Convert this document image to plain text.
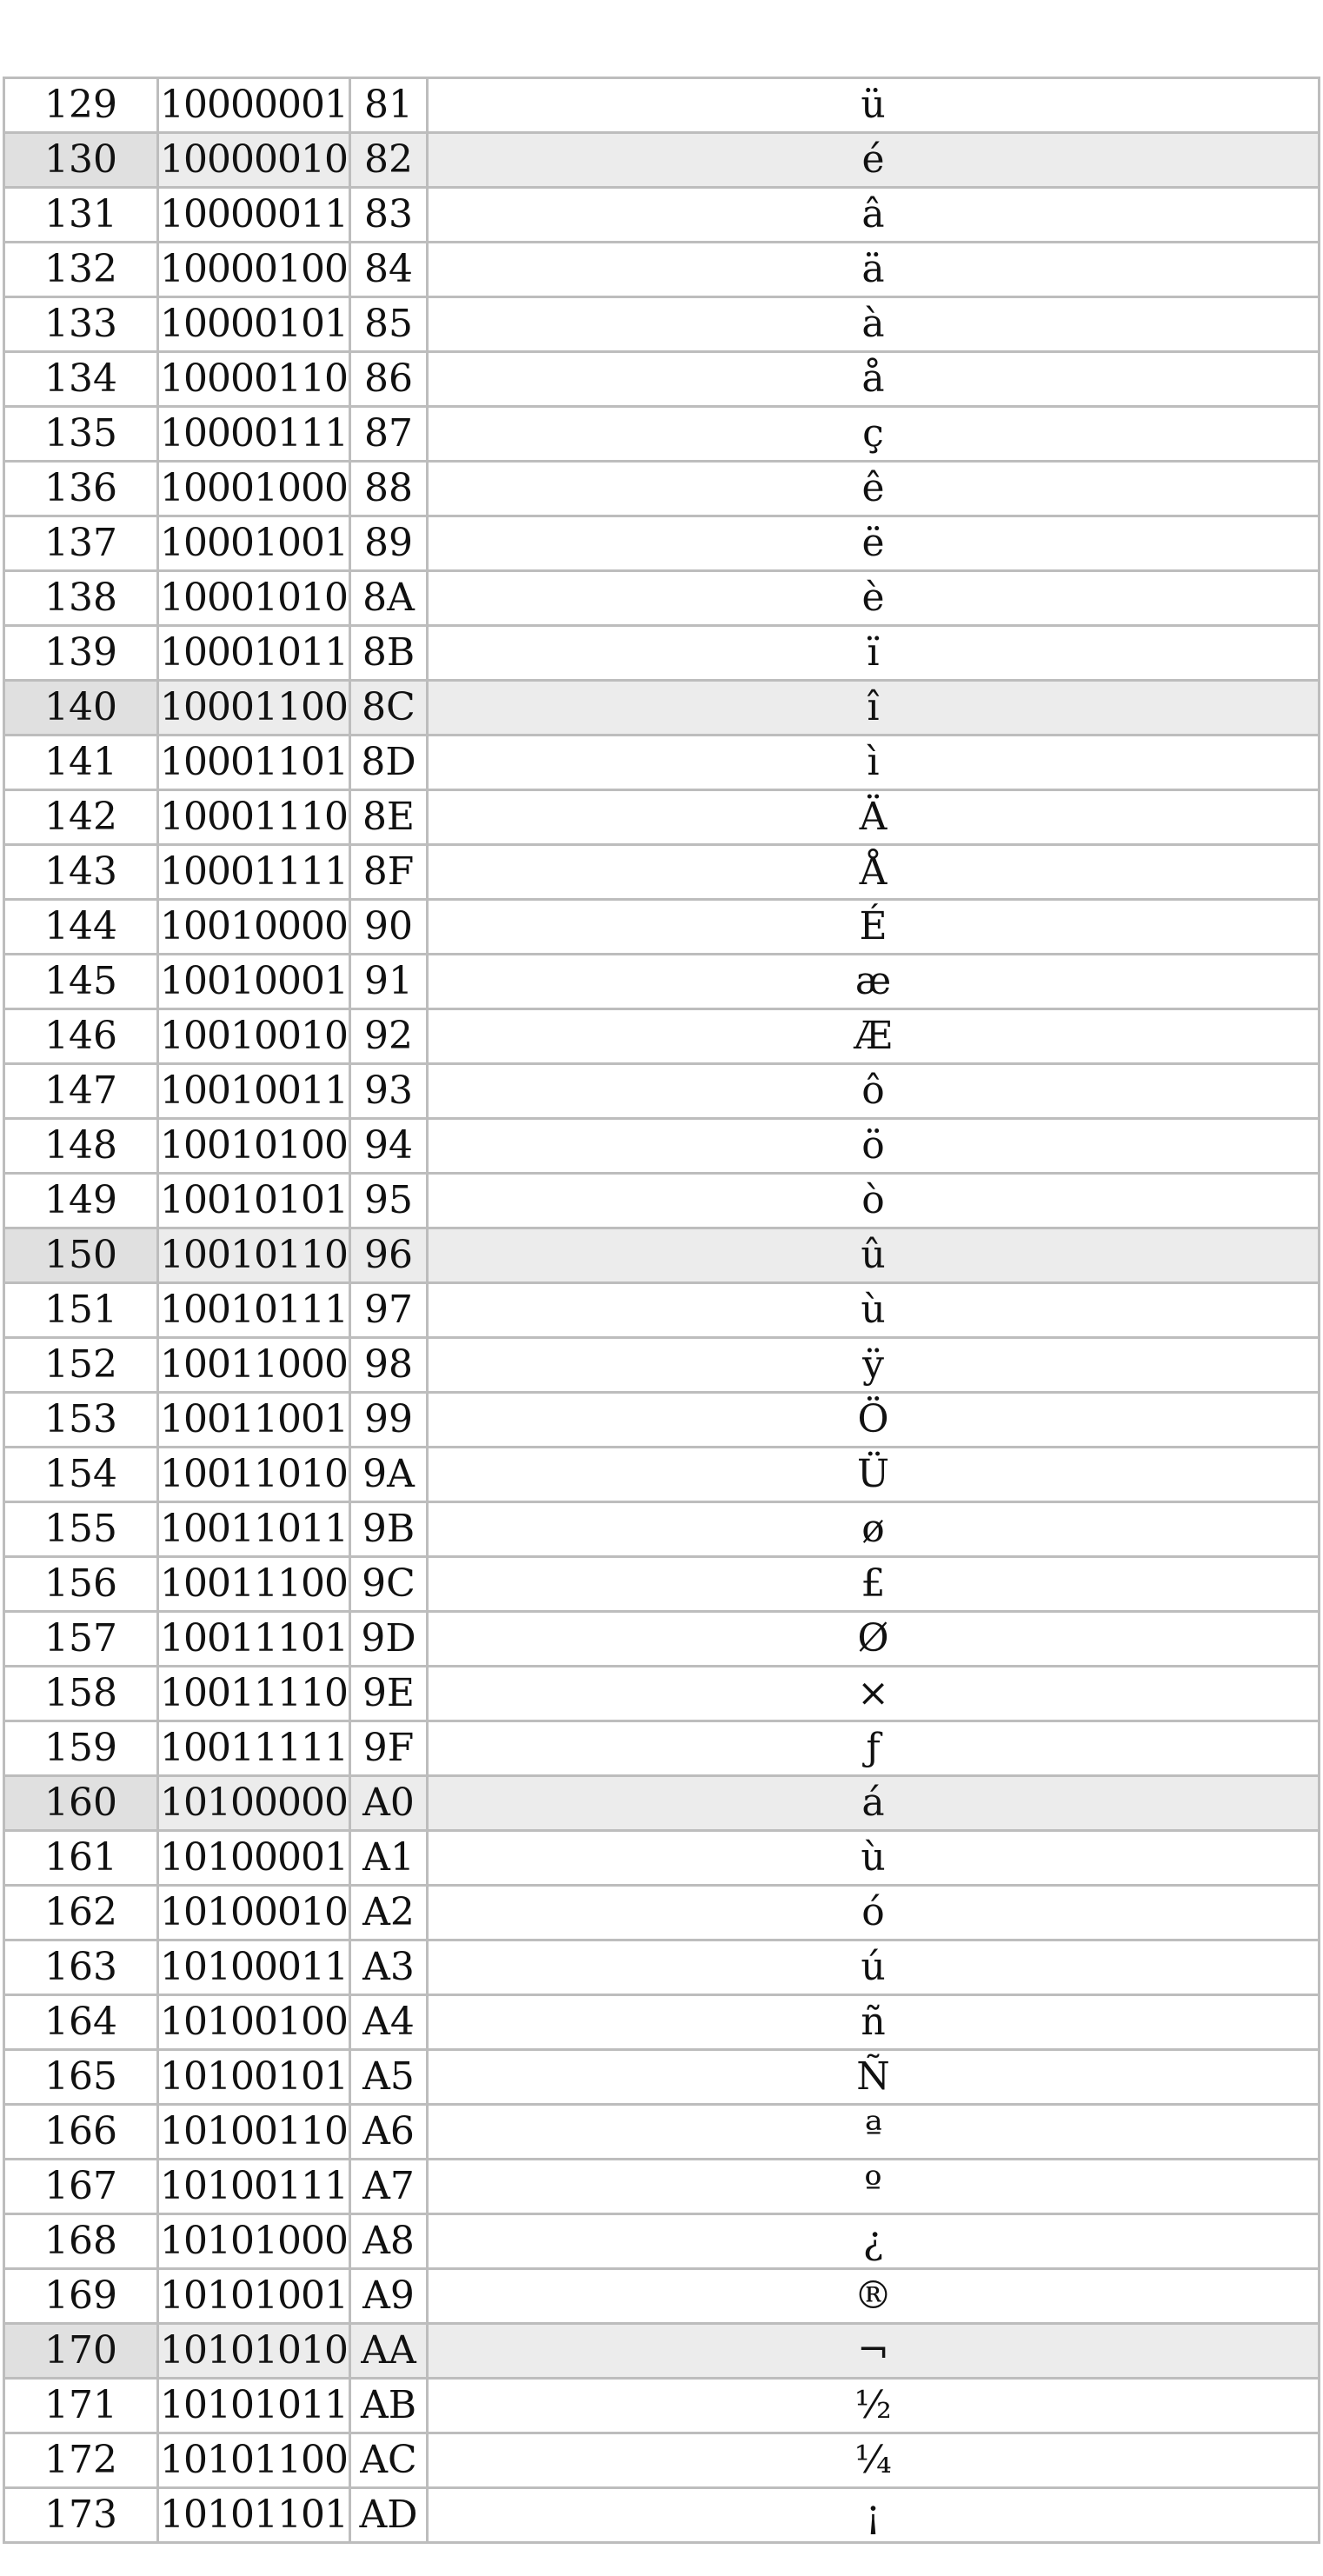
129	10000001	81	ü
130	10000010	82	é
131	10000011	83	â
132	10000100	84	ä
133	10000101	85	à
134	10000110	86	å
135	10000111	87	ç
136	10001000	88	ê
137	10001001	89	ë
138	10001010	8A	è
139	10001011	8B	ï
140	10001100	8C	î
141	10001101	8D	ì
142	10001110	8E	Ä
143	10001111	8F	Å
144	10010000	90	É
145	10010001	91	æ
146	10010010	92	Æ
147	10010011	93	ô
148	10010100	94	ö
149	10010101	95	ò
150	10010110	96	û
151	10010111	97	ù
152	10011000	98	ÿ
153	10011001	99	Ö
154	10011010	9A	Ü
155	10011011	9B	ø
156	10011100	9C	£
157	10011101	9D	Ø
158	10011110	9E	×
159	10011111	9F	ƒ
160	10100000	A0	á
161	10100001	A1	ù
162	10100010	A2	ó
163	10100011	A3	ú
164	10100100	A4	ñ
165	10100101	A5	Ñ
166	10100110	A6	ª
167	10100111	A7	º
168	10101000	A8	¿
169	10101001	A9	®
170	10101010	AA	¬
171	10101011	AB	½
172	10101100	AC	¼
173	10101101	AD	¡
